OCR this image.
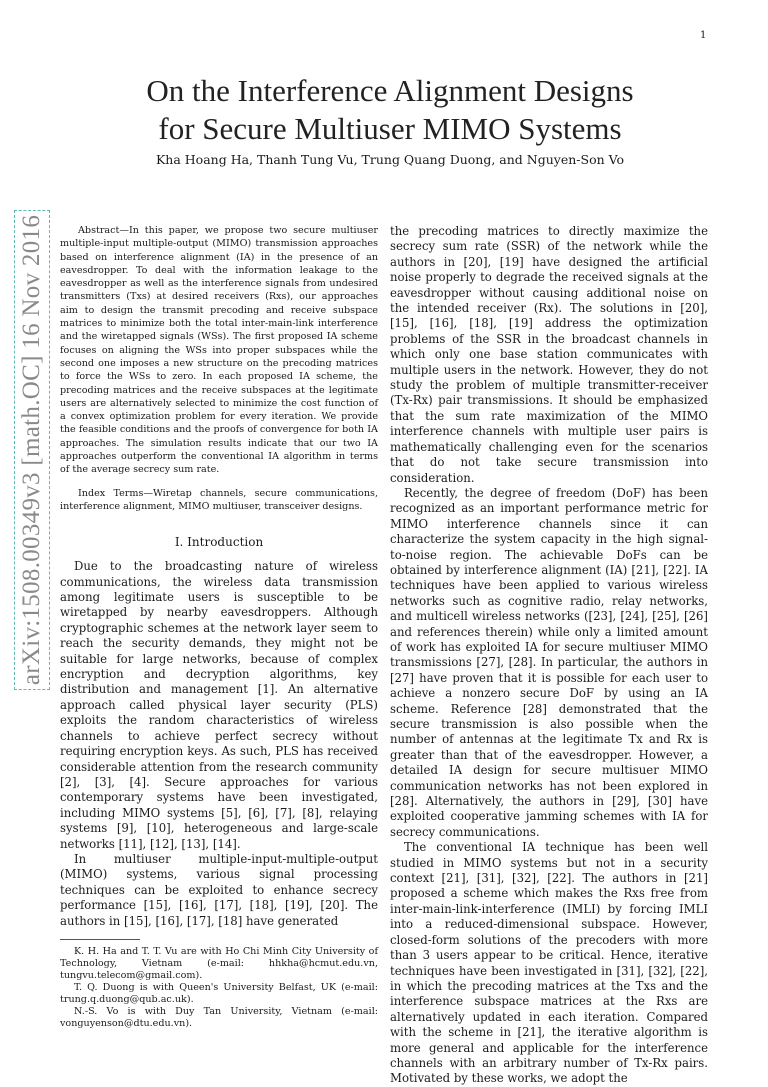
1
arXiv:1508.00349v3 [math.OC] 16 Nov 2016
On the Interference Alignment Designs
for Secure Multiuser MIMO Systems
Kha Hoang Ha, Thanh Tung Vu, Trung Quang Duong, and Nguyen-Son Vo

Abstract—In this paper, we propose two secure multiuser multiple-input multiple-output (MIMO) transmission approaches based on interference alignment (IA) in the presence of an eavesdropper. To deal with the information leakage to the eavesdropper as well as the interference signals from undesired transmitters (Txs) at desired receivers (Rxs), our approaches aim to design the transmit precoding and receive subspace matrices to minimize both the total inter-main-link interference and the wiretapped signals (WSs). The first proposed IA scheme focuses on aligning the WSs into proper subspaces while the second one imposes a new structure on the precoding matrices to force the WSs to zero. In each proposed IA scheme, the precoding matrices and the receive subspaces at the legitimate users are alternatively selected to minimize the cost function of a convex optimization problem for every iteration. We provide the feasible conditions and the proofs of convergence for both IA approaches. The simulation results indicate that our two IA approaches outperform the conventional IA algorithm in terms of the average secrecy sum rate.

Index Terms—Wiretap channels, secure communications, interference alignment, MIMO multiuser, transceiver designs.

I. Introduction

Due to the broadcasting nature of wireless communications, the wireless data transmission among legitimate users is susceptible to be wiretapped by nearby eavesdroppers. Although cryptographic schemes at the network layer seem to reach the security demands, they might not be suitable for large networks, because of complex encryption and decryption algorithms, key distribution and management [1]. An alternative approach called physical layer security (PLS) exploits the random characteristics of wireless channels to achieve perfect secrecy without requiring encryption keys. As such, PLS has received considerable attention from the research community [2], [3], [4]. Secure approaches for various contemporary systems have been investigated, including MIMO systems [5], [6], [7], [8], relaying systems [9], [10], heterogeneous and large-scale networks [11], [12], [13], [14].

In multiuser multiple-input-multiple-output (MIMO) systems, various signal processing techniques can be exploited to enhance secrecy performance [15], [16], [17], [18], [19], [20]. The authors in [15], [16], [17], [18] have generated

K. H. Ha and T. T. Vu are with Ho Chi Minh City University of Technology, Vietnam (e-mail: hhkha@hcmut.edu.vn, tungvu.telecom@gmail.com).

T. Q. Duong is with Queen's University Belfast, UK (e-mail: trung.q.duong@qub.ac.uk).

N.-S. Vo is with Duy Tan University, Vietnam (e-mail: vonguyenson@dtu.edu.vn).

the precoding matrices to directly maximize the secrecy sum rate (SSR) of the network while the authors in [20], [19] have designed the artificial noise properly to degrade the received signals at the eavesdropper without causing additional noise on the intended receiver (Rx). The solutions in [20], [15], [16], [18], [19] address the optimization problems of the SSR in the broadcast channels in which only one base station communicates with multiple users in the network. However, they do not study the problem of multiple transmitter-receiver (Tx-Rx) pair transmissions. It should be emphasized that the sum rate maximization of the MIMO interference channels with multiple user pairs is mathematically challenging even for the scenarios that do not take secure transmission into consideration.

Recently, the degree of freedom (DoF) has been recognized as an important performance metric for MIMO interference channels since it can characterize the system capacity in the high signal-to-noise region. The achievable DoFs can be obtained by interference alignment (IA) [21], [22]. IA techniques have been applied to various wireless networks such as cognitive radio, relay networks, and multicell wireless networks ([23], [24], [25], [26] and references therein) while only a limited amount of work has exploited IA for secure multiuser MIMO transmissions [27], [28]. In particular, the authors in [27] have proven that it is possible for each user to achieve a nonzero secure DoF by using an IA scheme. Reference [28] demonstrated that the secure transmission is also possible when the number of antennas at the legitimate Tx and Rx is greater than that of the eavesdropper. However, a detailed IA design for secure multisuer MIMO communication networks has not been explored in [28]. Alternatively, the authors in [29], [30] have exploited cooperative jamming schemes with IA for secrecy communications.

The conventional IA technique has been well studied in MIMO systems but not in a security context [21], [31], [32], [22]. The authors in [21] proposed a scheme which makes the Rxs free from inter-main-link-interference (IMLI) by forcing IMLI into a reduced-dimensional subspace. However, closed-form solutions of the precoders with more than 3 users appear to be critical. Hence, iterative techniques have been investigated in [31], [32], [22], in which the precoding matrices at the Txs and the interference subspace matrices at the Rxs are alternatively updated in each iteration. Compared with the scheme in [21], the iterative algorithm is more general and applicable for the interference channels with an arbitrary number of Tx-Rx pairs. Motivated by these works, we adopt the
